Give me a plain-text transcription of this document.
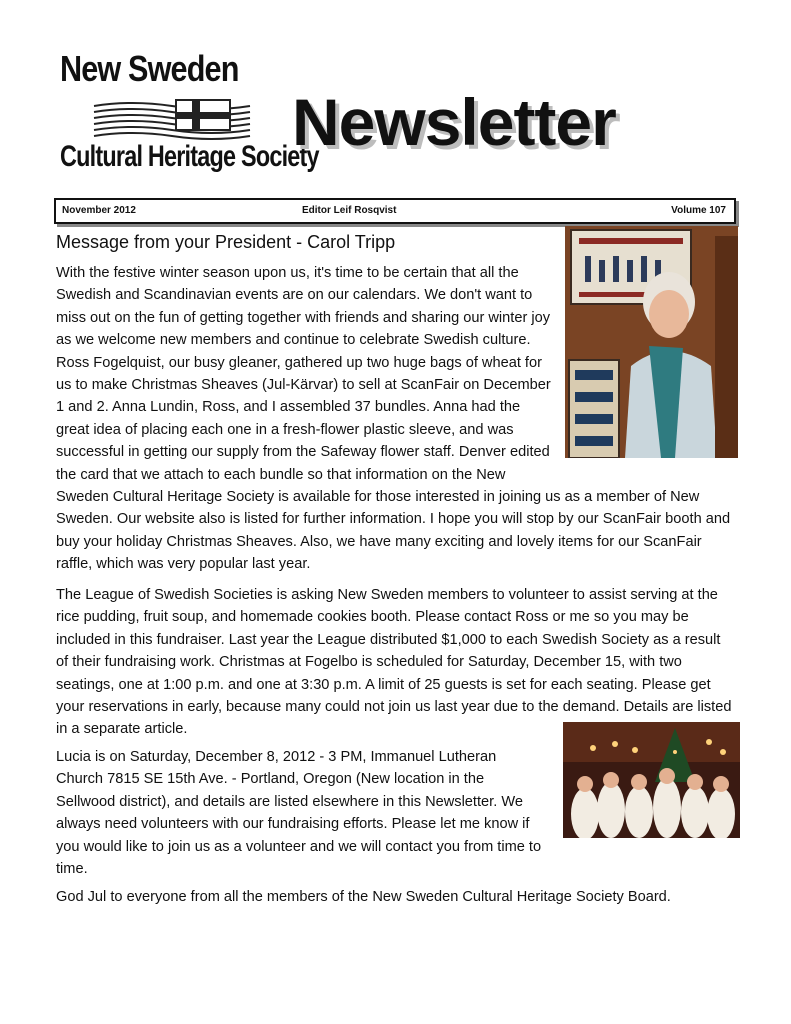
New Sweden
Cultural Heritage Society
Newsletter
November 2012	Editor Leif Rosqvist	Volume 107
Message from your President - Carol Tripp
With the festive winter season upon us, it's time to be certain that all the Swedish and Scandinavian events are on our calendars. We don't want to miss out on the fun of getting together with friends and sharing our winter joy as we welcome new members and continue to celebrate Swedish culture. Ross Fogelquist, our busy gleaner, gathered up two huge bags of wheat for us to make Christmas Sheaves (Jul-Kärvar) to sell at ScanFair on December 1 and 2. Anna Lundin, Ross, and I assembled 37 bundles. Anna had the great idea of placing each one in a fresh-flower plastic sleeve, and was successful in getting our supply from the Safeway flower staff. Denver edited the card that we attach to each bundle so that information on the New Sweden Cultural Heritage Society is available for those interested in joining us as a member of New Sweden. Our website also is listed for further information. I hope you will stop by our ScanFair booth and buy your holiday Christmas Sheaves. Also, we have many exciting and lovely items for our ScanFair raffle, which was very popular last year.
The League of Swedish Societies is asking New Sweden members to volunteer to assist serving at the rice pudding, fruit soup, and homemade cookies booth. Please contact Ross or me so you may be included in this fundraiser. Last year the League distributed $1,000 to each Swedish Society as a result of their fundraising work. Christmas at Fogelbo is scheduled for Saturday, December 15, with two seatings, one at 1:00 p.m. and one at 3:30 p.m. A limit of 25 guests is set for each seating. Please get your reservations in early, because many could not join us last year due to the demand. Details are listed in a separate article.
Lucia is on Saturday, December 8, 2012 - 3 PM, Immanuel Lutheran Church 7815 SE 15th Ave. - Portland, Oregon (New location in the Sellwood district), and details are listed elsewhere in this Newsletter. We always need volunteers with our fundraising efforts. Please let me know if you would like to join us as a volunteer and we will contact you from time to time.
God Jul to everyone from all the members of the New Sweden Cultural Heritage Society Board.
